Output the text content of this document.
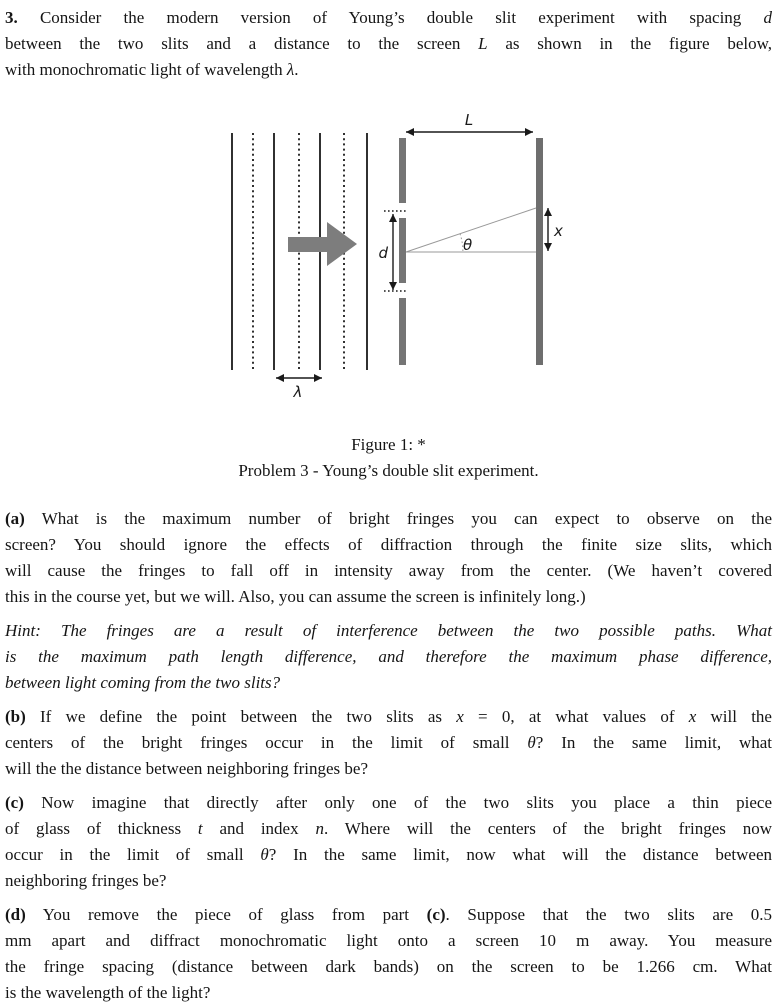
3. Consider the modern version of Young’s double slit experiment with spacing d
between the two slits and a distance to the screen L as shown in the figure below,
with monochromatic light of wavelength λ.
L
d
x
θ
λ
Figure 1: *
Problem 3 - Young’s double slit experiment.
(a) What is the maximum number of bright fringes you can expect to observe on the
screen? You should ignore the effects of diffraction through the finite size slits, which
will cause the fringes to fall off in intensity away from the center. (We haven’t covered
this in the course yet, but we will. Also, you can assume the screen is infinitely long.)
Hint: The fringes are a result of interference between the two possible paths. What
is the maximum path length difference, and therefore the maximum phase difference,
between light coming from the two slits?
(b) If we define the point between the two slits as x = 0, at what values of x will the
centers of the bright fringes occur in the limit of small θ? In the same limit, what
will the the distance between neighboring fringes be?
(c) Now imagine that directly after only one of the two slits you place a thin piece
of glass of thickness t and index n. Where will the centers of the bright fringes now
occur in the limit of small θ? In the same limit, now what will the distance between
neighboring fringes be?
(d) You remove the piece of glass from part (c). Suppose that the two slits are 0.5
mm apart and diffract monochromatic light onto a screen 10 m away. You measure
the fringe spacing (distance between dark bands) on the screen to be 1.266 cm. What
is the wavelength of the light?
